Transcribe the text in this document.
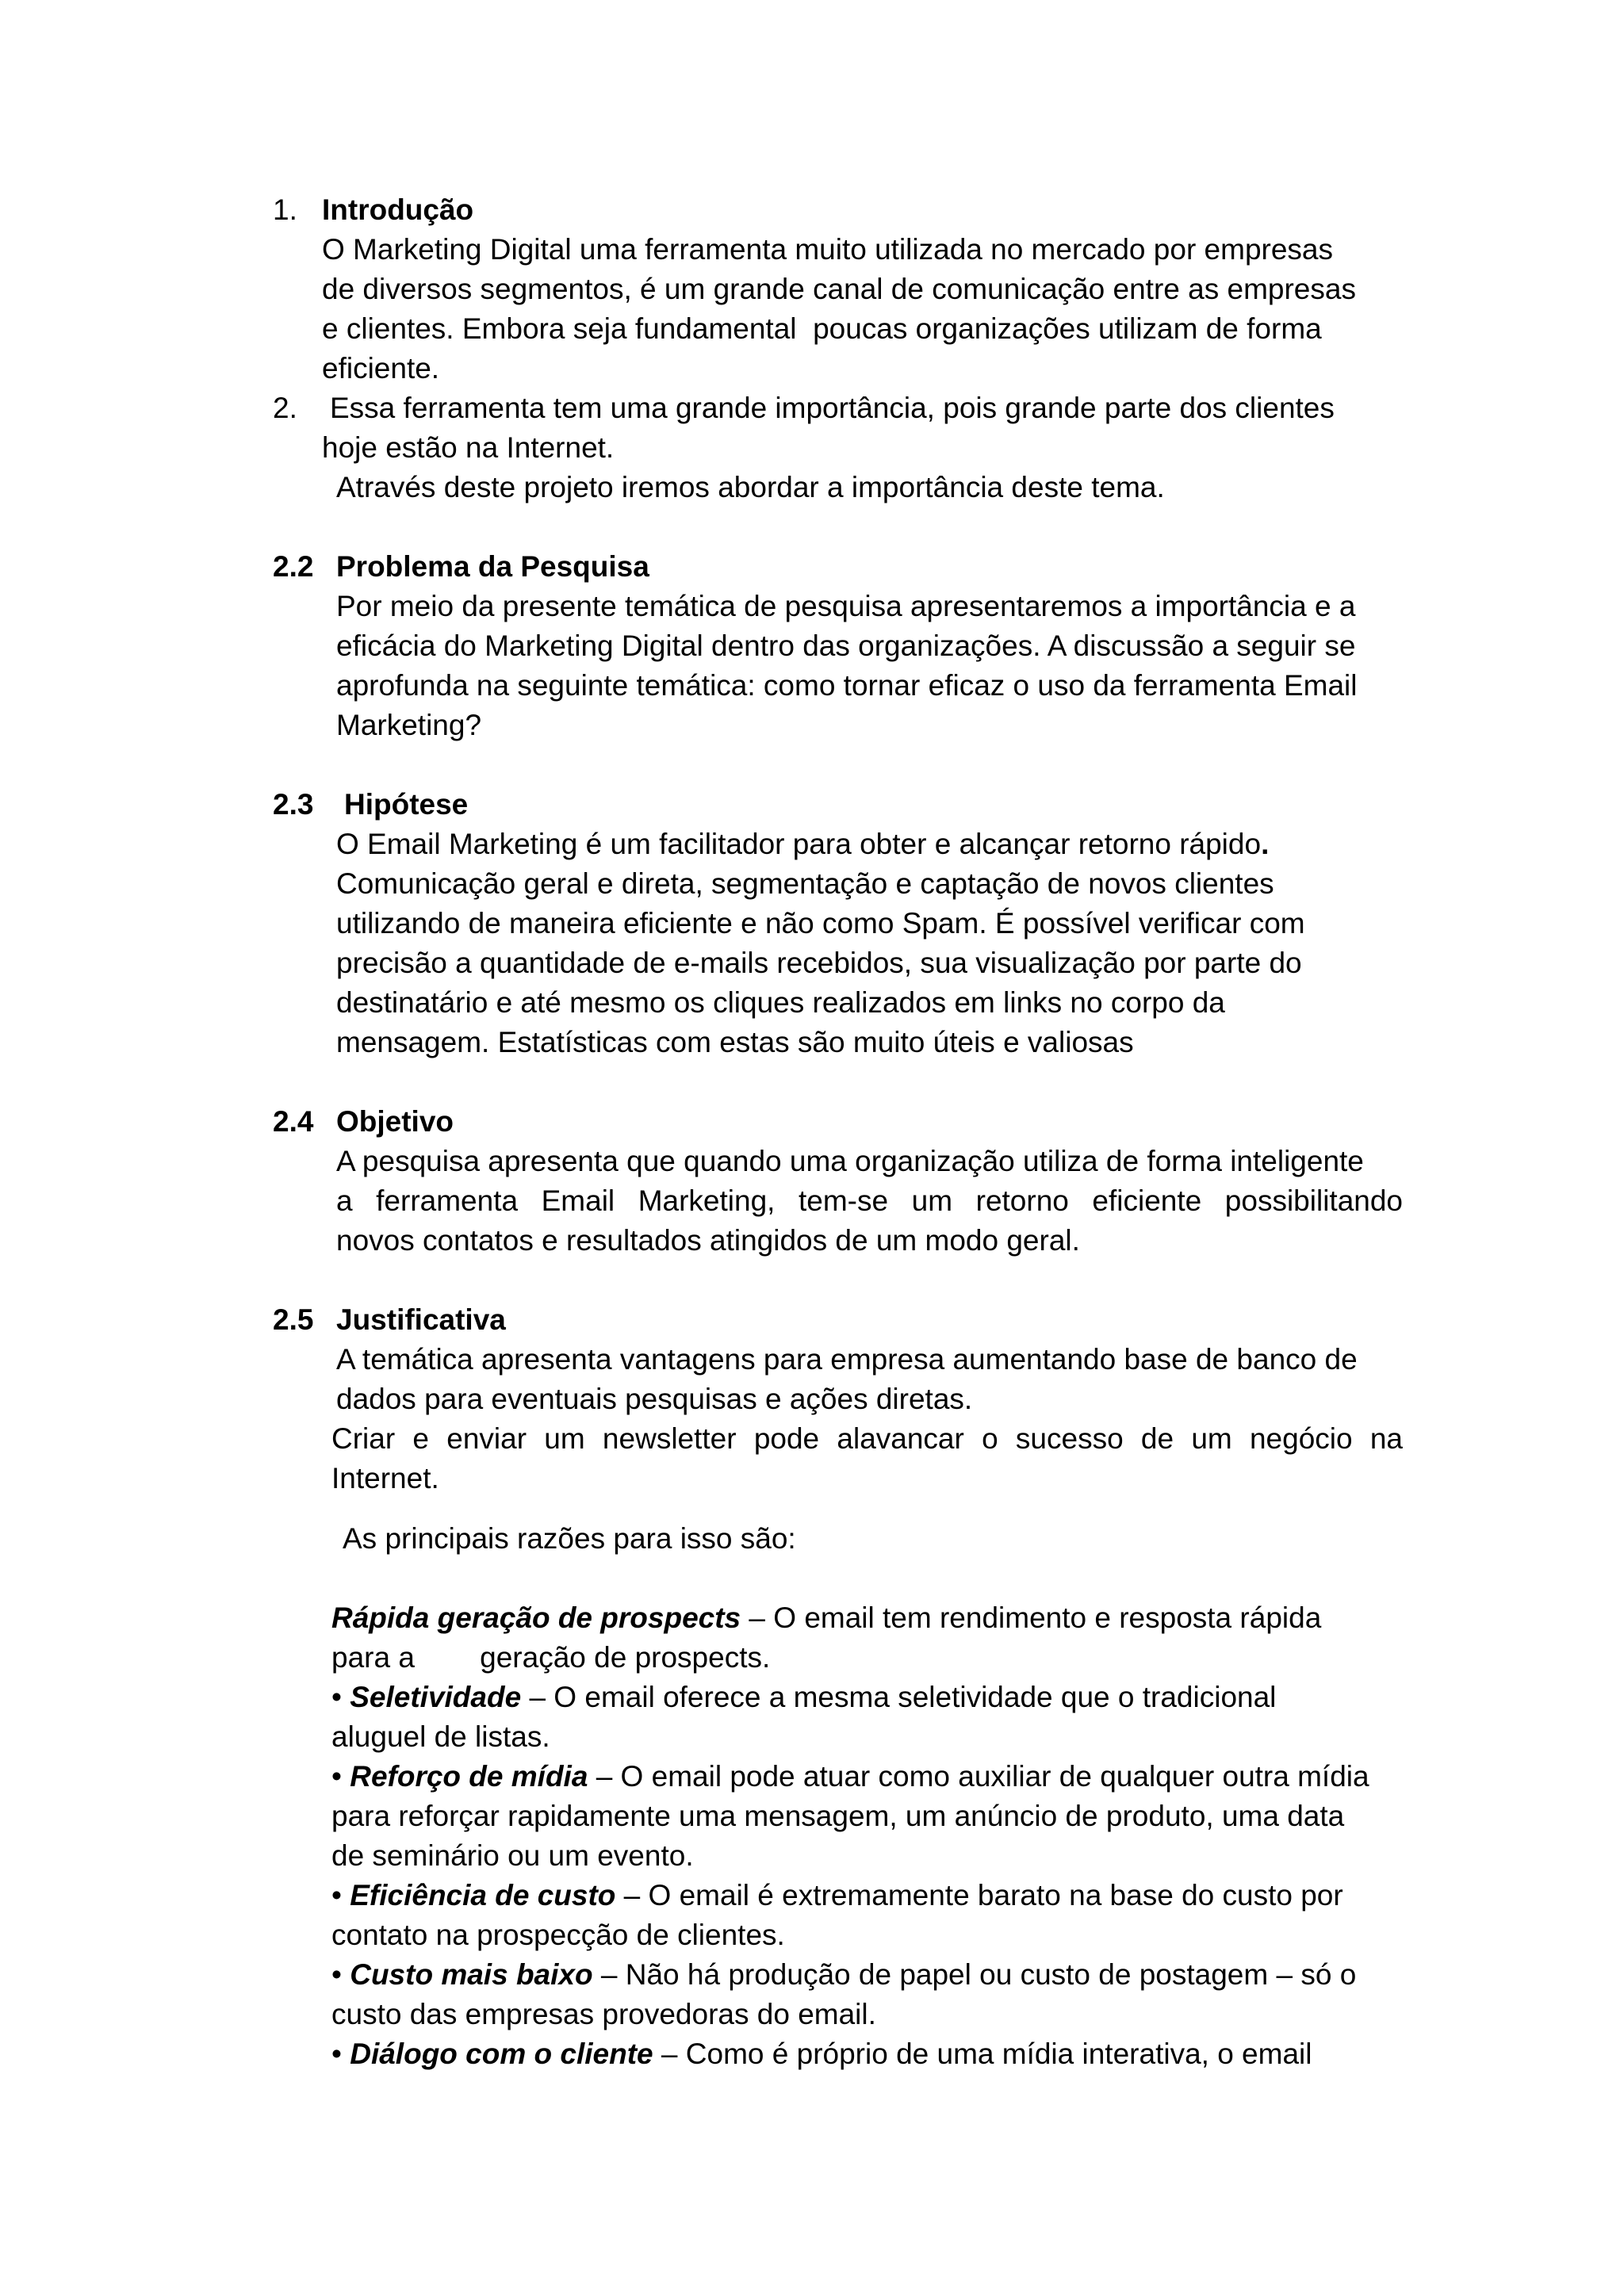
1. Introdução
O Marketing Digital uma ferramenta muito utilizada no mercado por empresas
de diversos segmentos, é um grande canal de comunicação entre as empresas
e clientes. Embora seja fundamental  poucas organizações utilizam de forma
eficiente.
2. Essa ferramenta tem uma grande importância, pois grande parte dos clientes
hoje estão na Internet.
Através deste projeto iremos abordar a importância deste tema.
2.2 Problema da Pesquisa
Por meio da presente temática de pesquisa apresentaremos a importância e a
eficácia do Marketing Digital dentro das organizações. A discussão a seguir se
aprofunda na seguinte temática: como tornar eficaz o uso da ferramenta Email
Marketing?
2.3 Hipótese
O Email Marketing é um facilitador para obter e alcançar retorno rápido.
Comunicação geral e direta, segmentação e captação de novos clientes
utilizando de maneira eficiente e não como Spam. É possível verificar com
precisão a quantidade de e-mails recebidos, sua visualização por parte do
destinatário e até mesmo os cliques realizados em links no corpo da
mensagem. Estatísticas com estas são muito úteis e valiosas
2.4 Objetivo
A pesquisa apresenta que quando uma organização utiliza de forma inteligente
a ferramenta Email Marketing, tem-se um retorno eficiente possibilitando
novos contatos e resultados atingidos de um modo geral.
2.5 Justificativa
A temática apresenta vantagens para empresa aumentando base de banco de
dados para eventuais pesquisas e ações diretas.
Criar e enviar um newsletter pode alavancar o sucesso de um negócio na
Internet.
As principais razões para isso são:
Rápida geração de prospects – O email tem rendimento e resposta rápida
para a        geração de prospects.
• Seletividade – O email oferece a mesma seletividade que o tradicional
aluguel de listas.
• Reforço de mídia – O email pode atuar como auxiliar de qualquer outra mídia
para reforçar rapidamente uma mensagem, um anúncio de produto, uma data
de seminário ou um evento.
• Eficiência de custo – O email é extremamente barato na base do custo por
contato na prospecção de clientes.
• Custo mais baixo – Não há produção de papel ou custo de postagem – só o
custo das empresas provedoras do email.
• Diálogo com o cliente – Como é próprio de uma mídia interativa, o email
